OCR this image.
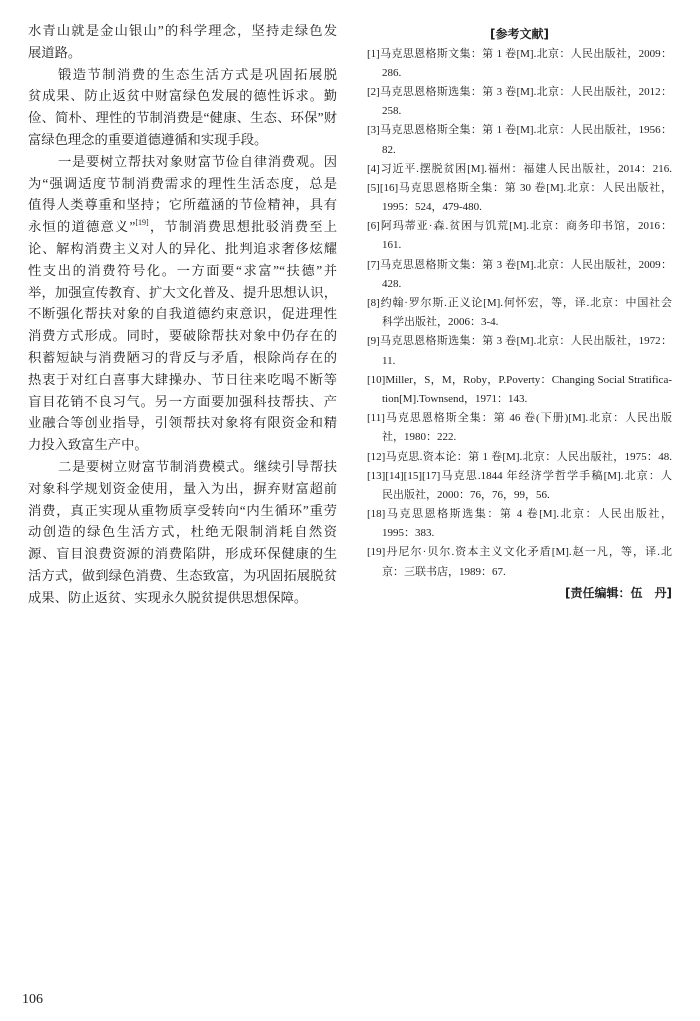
水青山就是金山银山”的科学理念，坚持走绿色发
展道路。
锻造节制消费的生态生活方式是巩固拓展脱
贫成果、防止返贫中财富绿色发展的德性诉求。勤
俭、简朴、理性的节制消费是“健康、生态、环保”财
富绿色理念的重要道德遵循和实现手段。
一是要树立帮扶对象财富节俭自律消费观。因
为“强调适度节制消费需求的理性生活态度，总是
值得人类尊重和坚持；它所蕴涵的节俭精神，具有
永恒的道德意义”[19]，节制消费思想批驳消费至上
论、解构消费主义对人的异化、批判追求奢侈炫耀
性支出的消费符号化。一方面要“求富”“扶德”并
举，加强宣传教育、扩大文化普及、提升思想认识，
不断强化帮扶对象的自我道德约束意识，促进理性
消费方式形成。同时，要破除帮扶对象中仍存在的
积蓄短缺与消费陋习的背反与矛盾，根除尚存在的
热衷于对红白喜事大肆操办、节日往来吃喝不断等
盲目花销不良习气。另一方面要加强科技帮扶、产
业融合等创业指导，引领帮扶对象将有限资金和精
力投入致富生产中。
二是要树立财富节制消费模式。继续引导帮扶
对象科学规划资金使用，量入为出，摒弃财富超前
消费，真正实现从重物质享受转向“内生循环”重劳
动创造的绿色生活方式，杜绝无限制消耗自然资
源、盲目浪费资源的消费陷阱，形成环保健康的生
活方式，做到绿色消费、生态致富，为巩固拓展脱贫
成果、防止返贫、实现永久脱贫提供思想保障。
[参考文献]
[1]马克思恩格斯文集：第 1 卷[M].北京：人民出版社，2009：
286.
[2]马克思恩格斯选集：第 3 卷[M].北京：人民出版社，2012：
258.
[3]马克思恩格斯全集：第 1 卷[M].北京：人民出版社，1956：
82.
[4]习近平.摆脱贫困[M].福州：福建人民出版社，2014：216.
[5][16]马克思恩格斯全集：第 30 卷[M].北京：人民出版社，
1995：524，479-480.
[6]阿玛蒂亚·森.贫困与饥荒[M].北京：商务印书馆，2016：
161.
[7]马克思恩格斯文集：第 3 卷[M].北京：人民出版社，2009：
428.
[8]约翰·罗尔斯.正义论[M].何怀宏，等，译.北京：中国社会
科学出版社，2006：3-4.
[9]马克思恩格斯选集：第 3 卷[M].北京：人民出版社，1972：
11.
[10]Miller，S，M，Roby，P.Poverty：Changing Social Stratifica-
tion[M].Townsend，1971：143.
[11]马克思恩格斯全集：第 46 卷(下册)[M].北京：人民出版
社，1980：222.
[12]马克思.资本论：第 1 卷[M].北京：人民出版社，1975：48.
[13][14][15][17]马克思.1844 年经济学哲学手稿[M].北京：人
民出版社，2000：76，76，99，56.
[18]马克思恩格斯选集：第 4 卷[M].北京：人民出版社，
1995：383.
[19]丹尼尔·贝尔.资本主义文化矛盾[M].赵一凡，等，译.北
京：三联书店，1989：67.
[责任编辑：伍　丹]
106
